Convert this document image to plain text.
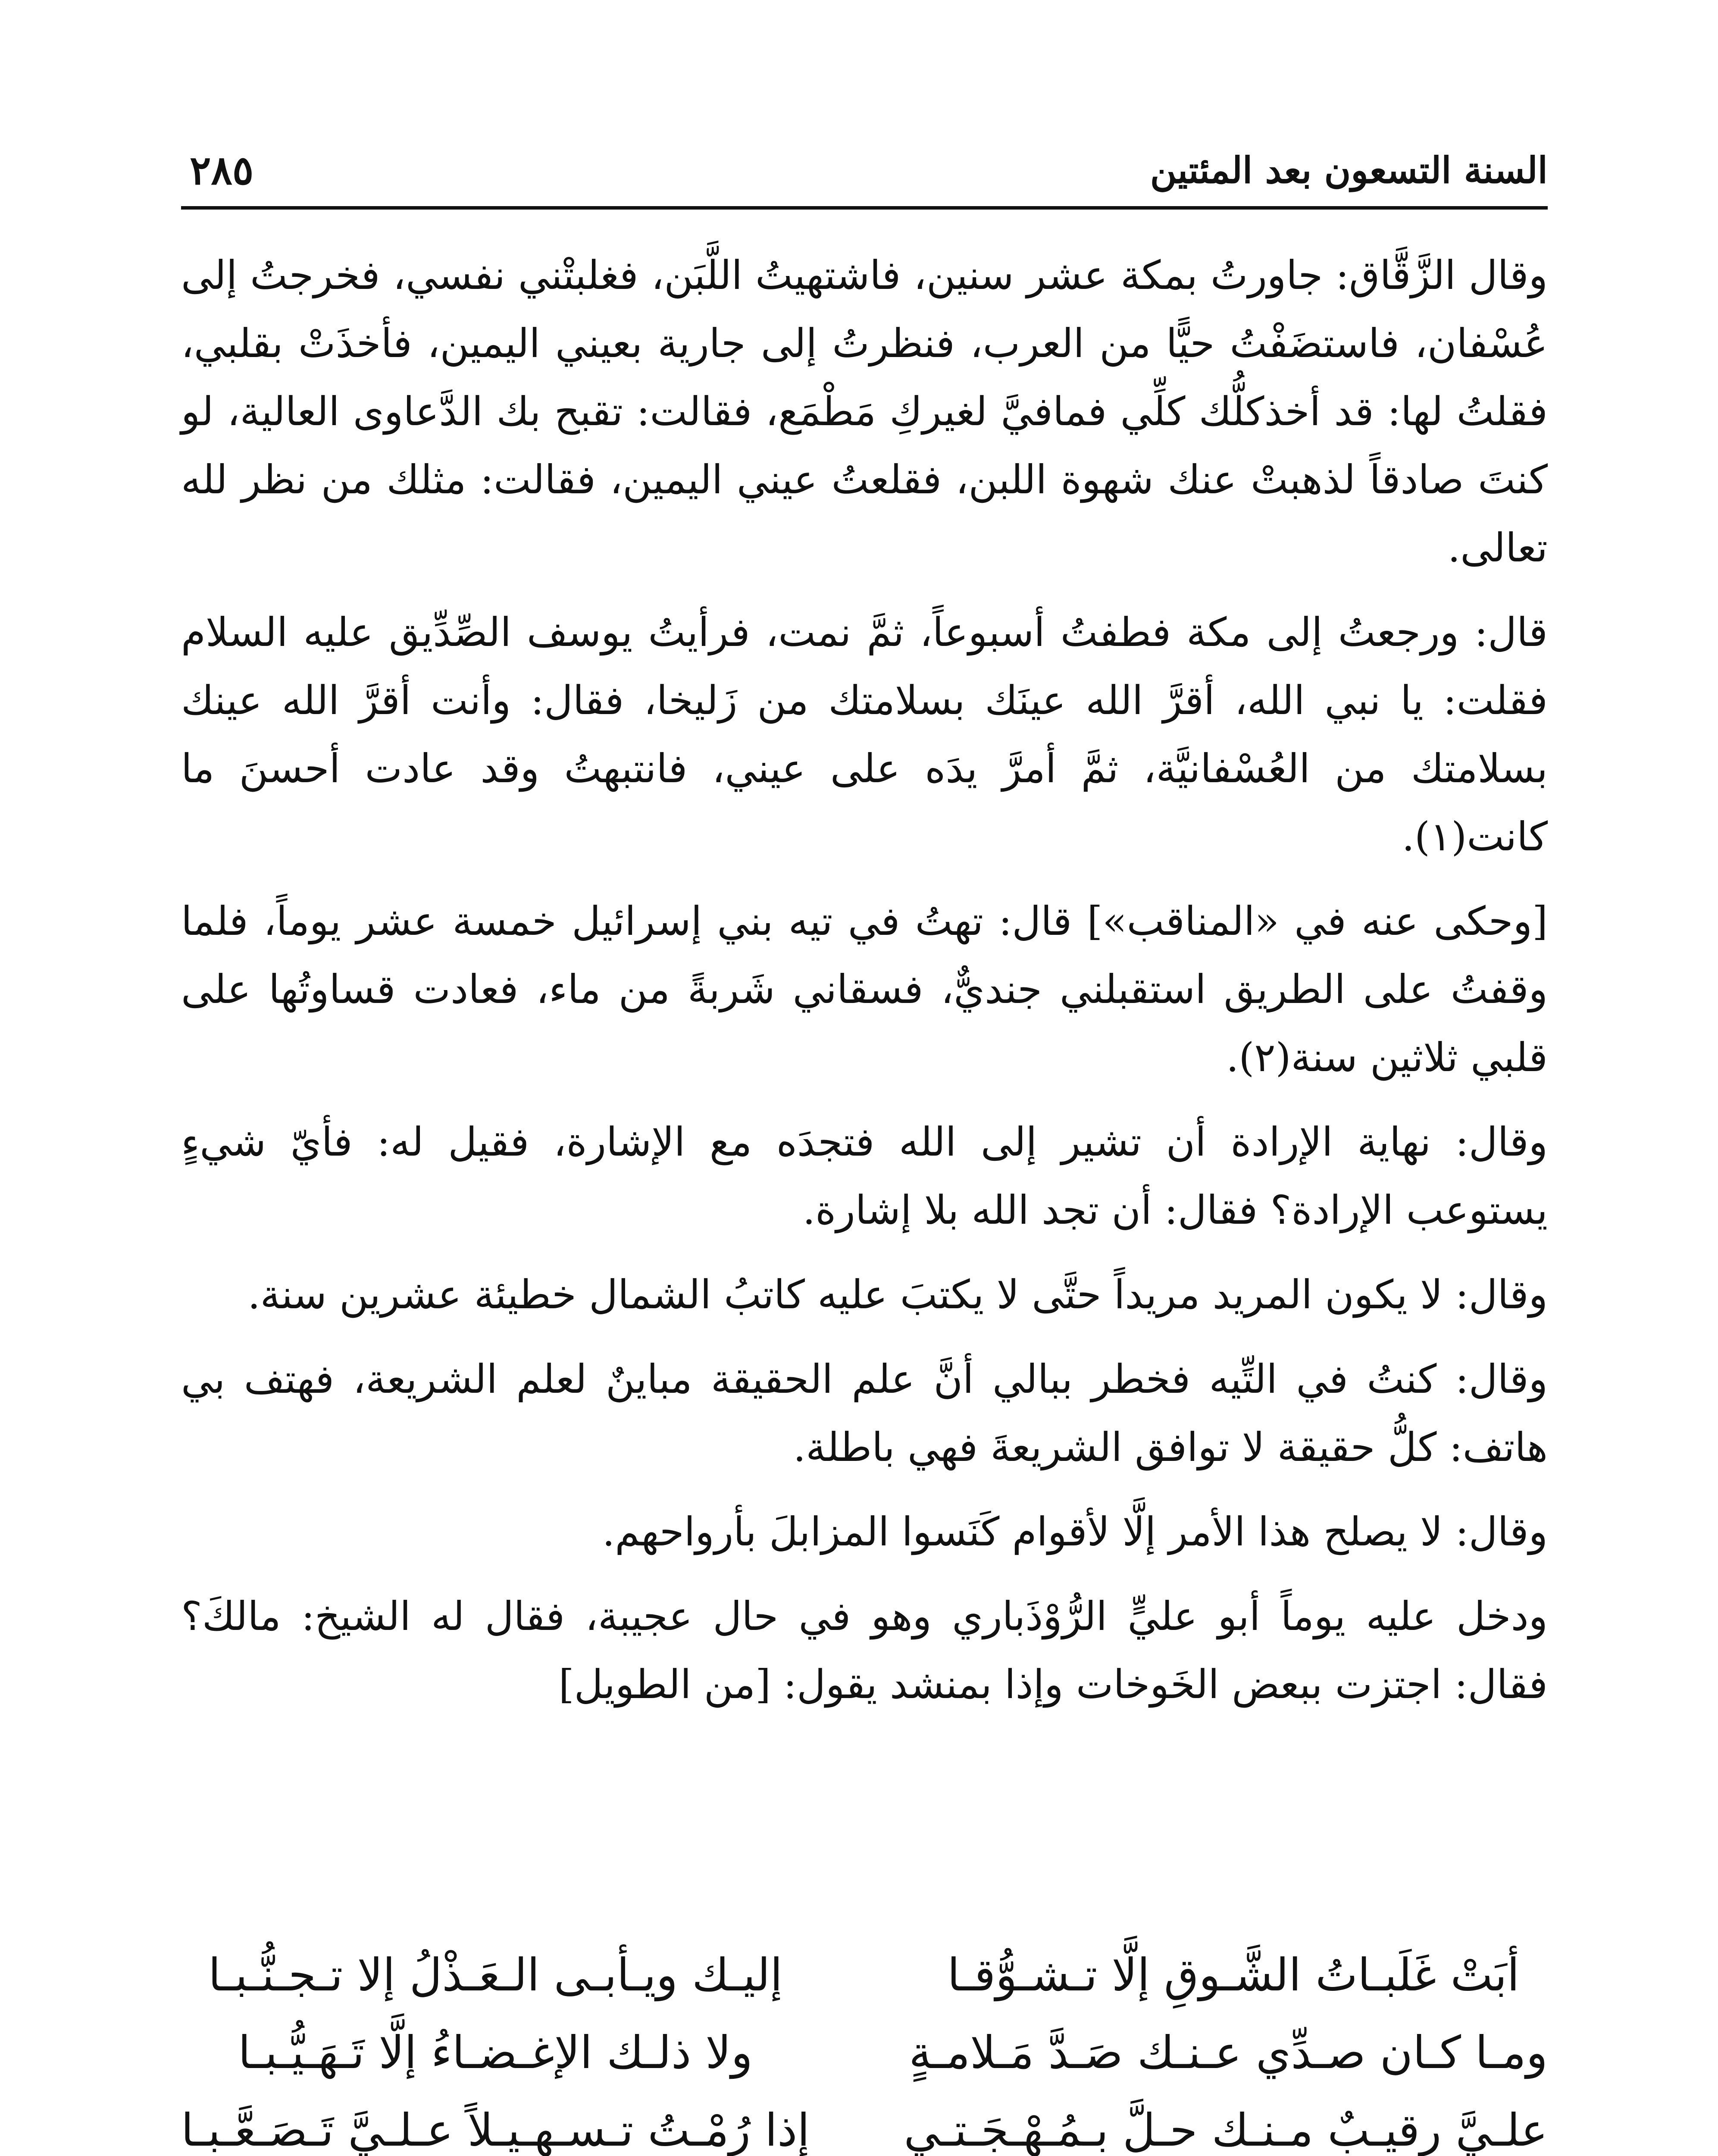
السنة التسعون بعد المئتين
٢٨٥

وقال الزَّقَّاق: جاورتُ بمكة عشر سنين، فاشتهيتُ اللَّبَن، فغلبتْني نفسي، فخرجتُ إلى عُسْفان، فاستضَفْتُ حيًّا من العرب، فنظرتُ إلى جارية بعيني اليمين، فأخذَتْ بقلبي، فقلتُ لها: قد أخذكلُّك كلِّي فمافيَّ لغيركِ مَطْمَع، فقالت: تقبح بك الدَّعاوى العالية، لو كنتَ صادقاً لذهبتْ عنك شهوة اللبن، فقلعتُ عيني اليمين، فقالت: مثلك من نظر لله تعالى.

قال: ورجعتُ إلى مكة فطفتُ أسبوعاً، ثمَّ نمت، فرأيتُ يوسف الصِّدِّيق عليه السلام فقلت: يا نبي الله، أقرَّ الله عينَك بسلامتك من زَليخا، فقال: وأنت أقرَّ الله عينك بسلامتك من العُسْفانيَّة، ثمَّ أمرَّ يدَه على عيني، فانتبهتُ وقد عادت أحسنَ ما كانت(١).

[وحكى عنه في «المناقب»] قال: تهتُ في تيه بني إسرائيل خمسة عشر يوماً، فلما وقفتُ على الطريق استقبلني جنديٌّ، فسقاني شَربةً من ماء، فعادت قساوتُها على قلبي ثلاثين سنة(٢).

وقال: نهاية الإرادة أن تشير إلى الله فتجدَه مع الإشارة، فقيل له: فأيّ شيءٍ يستوعب الإرادة؟ فقال: أن تجد الله بلا إشارة.

وقال: لا يكون المريد مريداً حتَّى لا يكتبَ عليه كاتبُ الشمال خطيئة عشرين سنة.

وقال: كنتُ في التِّيه فخطر ببالي أنَّ علم الحقيقة مباينٌ لعلم الشريعة، فهتف بي هاتف: كلُّ حقيقة لا توافق الشريعةَ فهي باطلة.

وقال: لا يصلح هذا الأمر إلَّا لأقوام كَنَسوا المزابلَ بأرواحهم.

ودخل عليه يوماً أبو عليٍّ الرُّوْذَباري وهو في حال عجيبة، فقال له الشيخ: مالكَ؟ فقال: اجتزت ببعض الخَوخات وإذا بمنشد يقول: [من الطويل]

أبَتْ غَلَبـاتُ الشَّـوقِ إلَّا تـشـوُّقـا
إليـك ويـأبـى الـعَـذْلُ إلا تـجـنُّـبـا
ومـا كـان صـدِّي عـنـك صَـدَّ مَـلامـةٍ
ولا ذلـك الإغـضـاءُ إلَّا تَـهَـيُّـبـا
علـيَّ رقيـبٌ مـنـك حـلَّ بـمُـهْـجَـتـي
إذا رُمْـتُ تـسـهـيـلاً عـلـيَّ تَـصَـعَّـبـا
